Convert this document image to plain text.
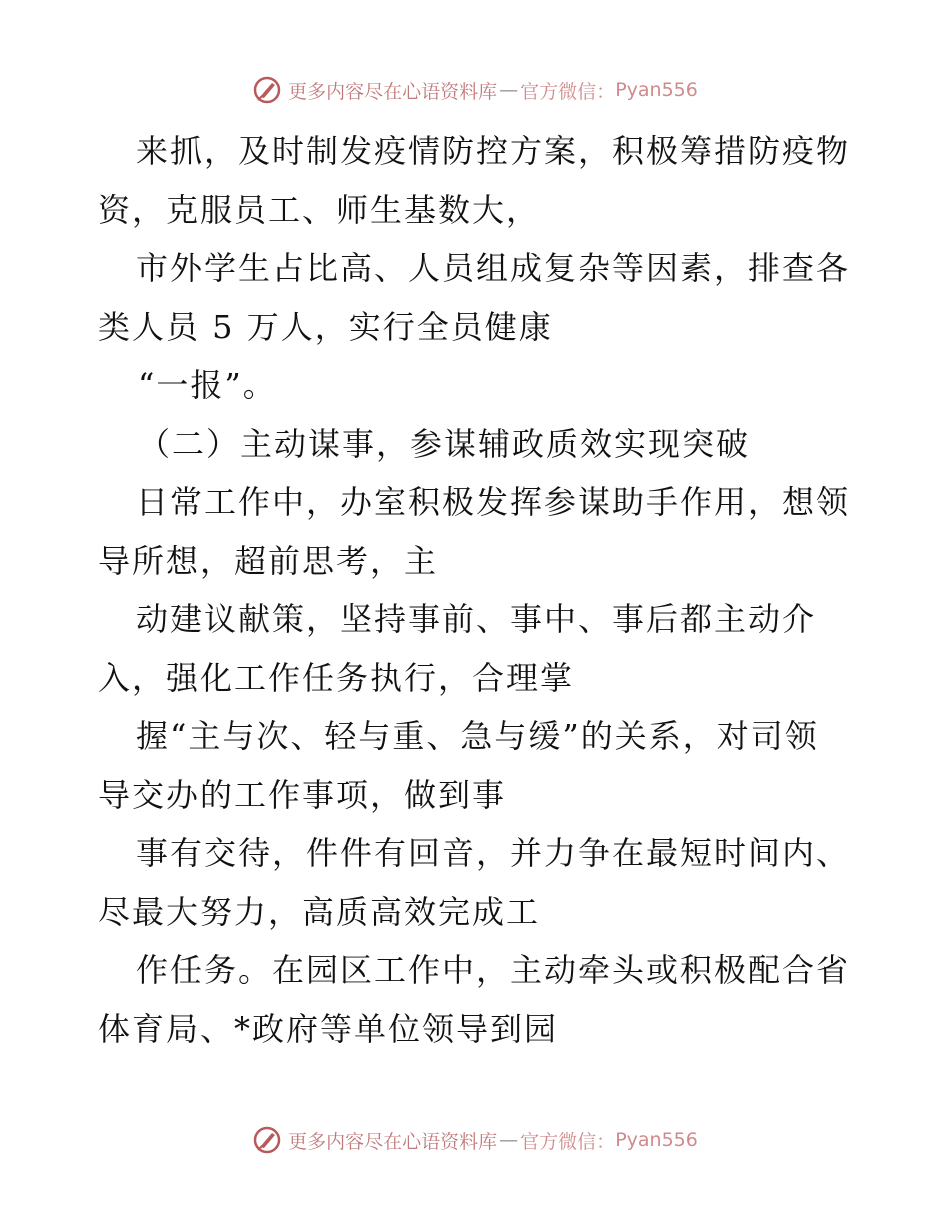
更多内容尽在心语资料库 — 官方微信： Pyan556
来抓，及时制发疫情防控方案，积极筹措防疫物
资，克服员工、师生基数大，
市外学生占比高、人员组成复杂等因素，排查各
类人员 5 万人，实行全员健康
“一报”。
（二）主动谋事，参谋辅政质效实现突破
日常工作中，办室积极发挥参谋助手作用，想领
导所想，超前思考，主
动建议献策，坚持事前、事中、事后都主动介
入，强化工作任务执行，合理掌
握“主与次、轻与重、急与缓”的关系，对司领
导交办的工作事项，做到事
事有交待，件件有回音，并力争在最短时间内、
尽最大努力，高质高效完成工
作任务。在园区工作中，主动牵头或积极配合省
体育局、*政府等单位领导到园
更多内容尽在心语资料库 — 官方微信： Pyan556
